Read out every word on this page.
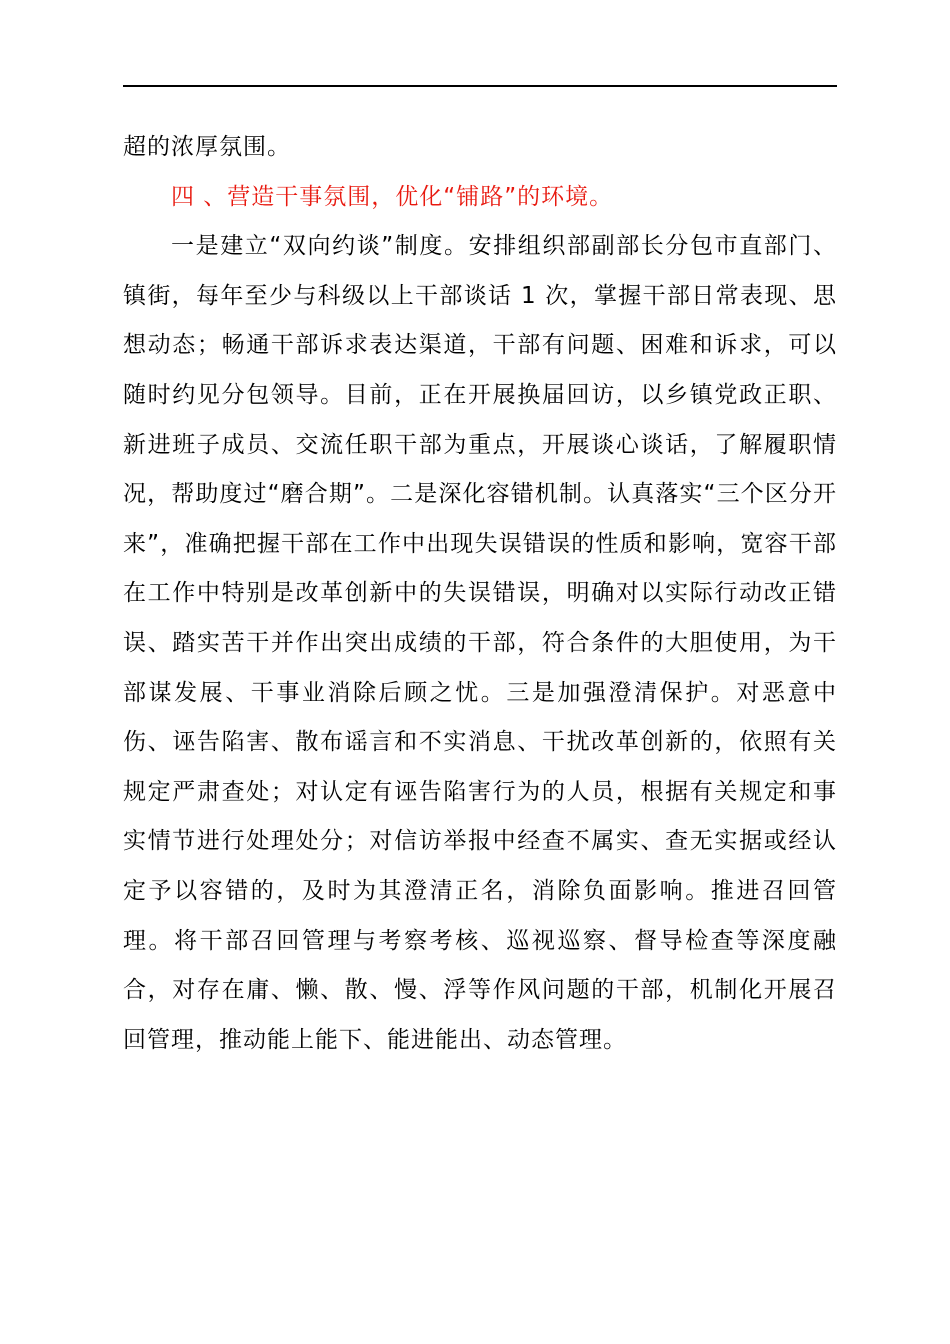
超的浓厚氛围。

四 、营造干事氛围，优化“铺路”的环境。

一是建立“双向约谈”制度。安排组织部副部长分包市直部门、镇街，每年至少与科级以上干部谈话 1 次，掌握干部日常表现、思想动态；畅通干部诉求表达渠道，干部有问题、困难和诉求，可以随时约见分包领导。目前，正在开展换届回访，以乡镇党政正职、新进班子成员、交流任职干部为重点，开展谈心谈话，了解履职情况，帮助度过“磨合期”。二是深化容错机制。认真落实“三个区分开来”，准确把握干部在工作中出现失误错误的性质和影响，宽容干部在工作中特别是改革创新中的失误错误，明确对以实际行动改正错误、踏实苦干并作出突出成绩的干部，符合条件的大胆使用，为干部谋发展、干事业消除后顾之忧。三是加强澄清保护。对恶意中伤、诬告陷害、散布谣言和不实消息、干扰改革创新的，依照有关规定严肃查处；对认定有诬告陷害行为的人员，根据有关规定和事实情节进行处理处分；对信访举报中经查不属实、查无实据或经认定予以容错的，及时为其澄清正名，消除负面影响。推进召回管理。将干部召回管理与考察考核、巡视巡察、督导检查等深度融合，对存在庸、懒、散、慢、浮等作风问题的干部，机制化开展召回管理，推动能上能下、能进能出、动态管理。
